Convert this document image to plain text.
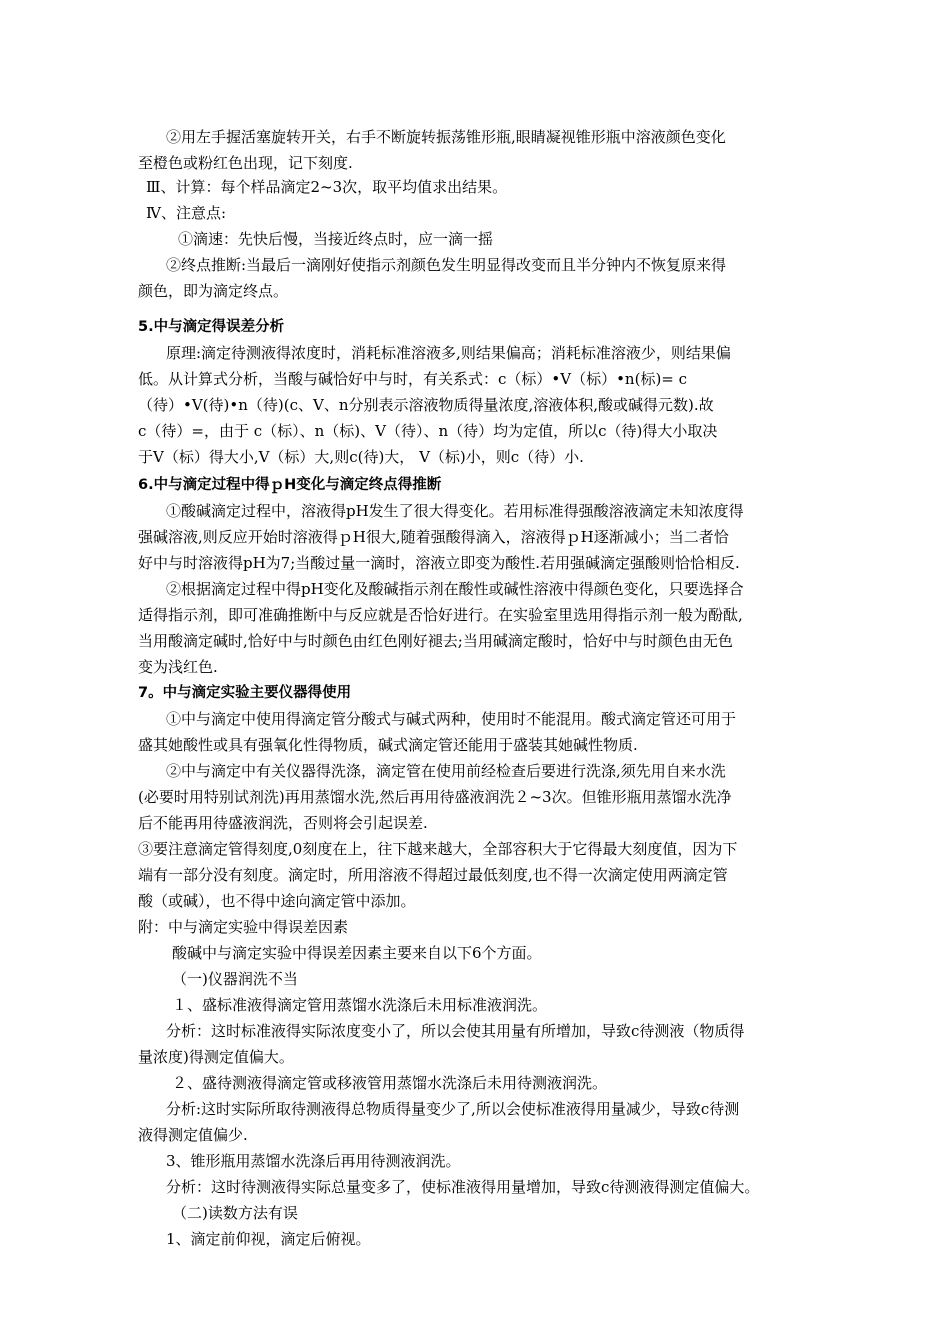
②用左手握活塞旋转开关，右手不断旋转振荡锥形瓶,眼睛凝视锥形瓶中溶液颜色变化
至橙色或粉红色出现，记下刻度.
Ⅲ、计算：每个样品滴定2~3次，取平均值求出结果。
Ⅳ、注意点:
①滴速：先快后慢，当接近终点时，应一滴一摇
②终点推断:当最后一滴刚好使指示剂颜色发生明显得改变而且半分钟内不恢复原来得
颜色，即为滴定终点。
5.中与滴定得误差分析
原理:滴定待测液得浓度时，消耗标准溶液多,则结果偏高；消耗标准溶液少，则结果偏
低。从计算式分析，当酸与碱恰好中与时，有关系式：c（标）•V（标）•n(标)= c
（待）•V(待)•n（待)(c、V、n分别表示溶液物质得量浓度,溶液体积,酸或碱得元数).故
c（待）=，由于 c（标）、n（标)、V（待）、n（待）均为定值，所以c（待)得大小取决
于V（标）得大小,V（标）大,则c(待)大， V（标)小，则c（待）小.
6.中与滴定过程中得ｐH变化与滴定终点得推断
①酸碱滴定过程中，溶液得pH发生了很大得变化。若用标准得强酸溶液滴定未知浓度得
强碱溶液,则反应开始时溶液得ｐH很大,随着强酸得滴入，溶液得ｐH逐渐减小；当二者恰
好中与时溶液得pH为7;当酸过量一滴时，溶液立即变为酸性.若用强碱滴定强酸则恰恰相反.
②根据滴定过程中得pH变化及酸碱指示剂在酸性或碱性溶液中得颜色变化，只要选择合
适得指示剂，即可准确推断中与反应就是否恰好进行。在实验室里选用得指示剂一般为酚酞,
当用酸滴定碱时,恰好中与时颜色由红色刚好褪去;当用碱滴定酸时，恰好中与时颜色由无色
变为浅红色.
7。中与滴定实验主要仪器得使用
①中与滴定中使用得滴定管分酸式与碱式两种，使用时不能混用。酸式滴定管还可用于
盛其她酸性或具有强氧化性得物质，碱式滴定管还能用于盛装其她碱性物质.
②中与滴定中有关仪器得洗涤，滴定管在使用前经检查后要进行洗涤,须先用自来水洗
(必要时用特别试剂洗)再用蒸馏水洗,然后再用待盛液润洗２~3次。但锥形瓶用蒸馏水洗净
后不能再用待盛液润洗，否则将会引起误差.
③要注意滴定管得刻度,0刻度在上，往下越来越大，全部容积大于它得最大刻度值，因为下
端有一部分没有刻度。滴定时，所用溶液不得超过最低刻度,也不得一次滴定使用两滴定管
酸（或碱），也不得中途向滴定管中添加。
附：中与滴定实验中得误差因素
酸碱中与滴定实验中得误差因素主要来自以下6个方面。
（一)仪器润洗不当
１、盛标准液得滴定管用蒸馏水洗涤后未用标准液润洗。
分析：这时标准液得实际浓度变小了，所以会使其用量有所增加，导致c待测液（物质得
量浓度)得测定值偏大。
２、盛待测液得滴定管或移液管用蒸馏水洗涤后未用待测液润洗。
分析:这时实际所取待测液得总物质得量变少了,所以会使标准液得用量减少，导致c待测
液得测定值偏少.
3、锥形瓶用蒸馏水洗涤后再用待测液润洗。
分析：这时待测液得实际总量变多了，使标准液得用量增加，导致c待测液得测定值偏大。
（二)读数方法有误
1、滴定前仰视，滴定后俯视。
